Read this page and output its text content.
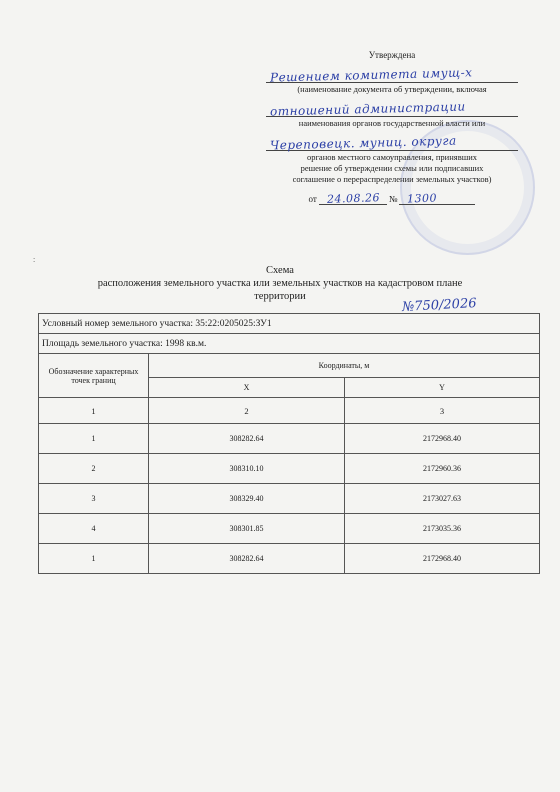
Утверждена
Решением комитета имущ-х
(наименование документа об утверждении, включая
отношений администрации
наименования органов государственной власти или
Череповецк. муниц. округа
органов местного самоуправления, принявших
решение об утверждении схемы или подписавших
соглашение о перераспределении земельных участков)
от 24.08.26 № 1300
:
Схема
расположения земельного участка или земельных участков на кадастровом плане
территории	№750/2026
Условный номер земельного участка: 35:22:0205025:ЗУ1		
Площадь земельного участка: 1998 кв.м.		
Обозначение характерных точек границ	Координаты, м	
	X	Y
1	2	3
1	308282.64	2172968.40
2	308310.10	2172960.36
3	308329.40	2173027.63
4	308301.85	2173035.36
1	308282.64	2172968.40
